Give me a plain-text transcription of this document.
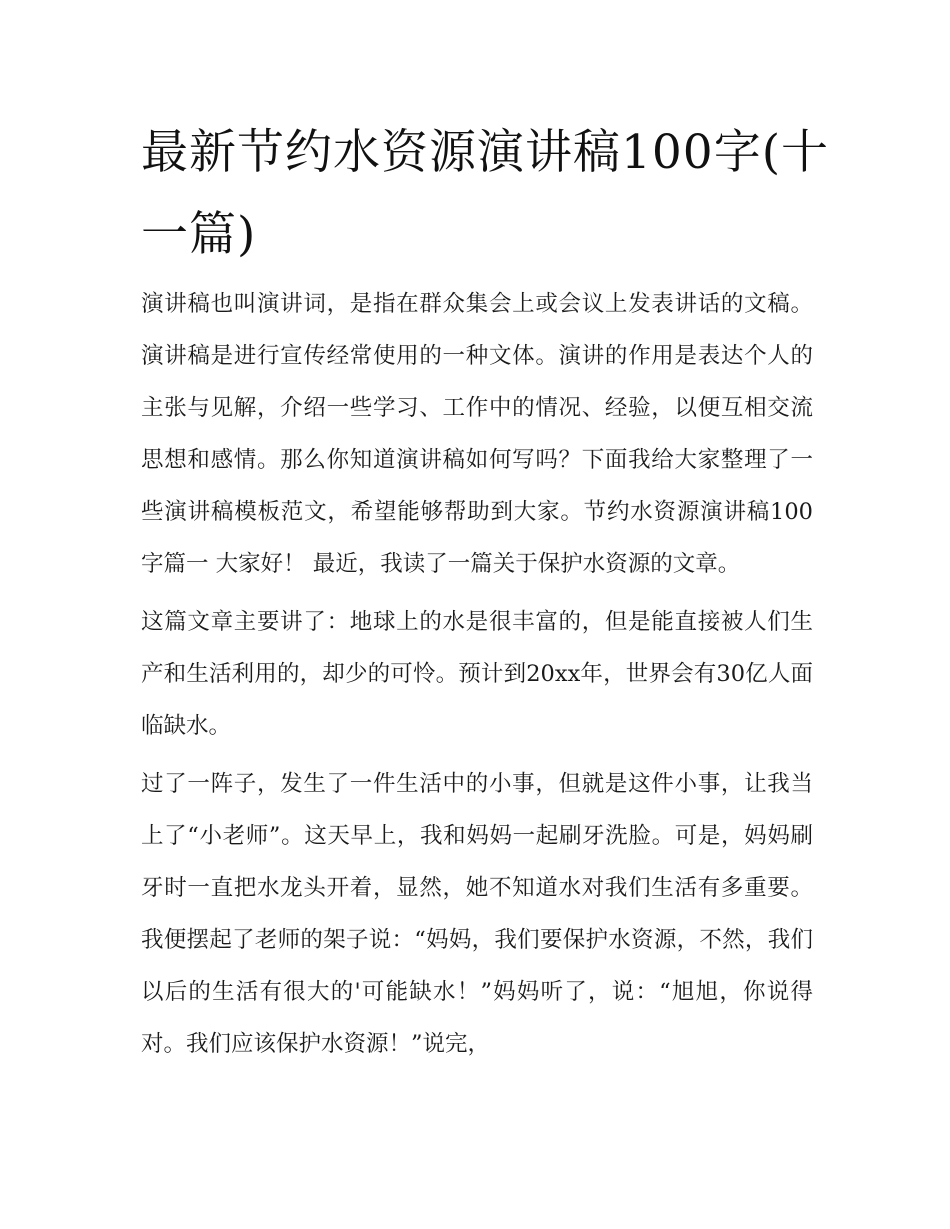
最新节约水资源演讲稿100字(十一篇)

演讲稿也叫演讲词，是指在群众集会上或会议上发表讲话的文稿。演讲稿是进行宣传经常使用的一种文体。演讲的作用是表达个人的主张与见解，介绍一些学习、工作中的情况、经验，以便互相交流思想和感情。那么你知道演讲稿如何写吗？下面我给大家整理了一些演讲稿模板范文，希望能够帮助到大家。节约水资源演讲稿100字篇一 大家好！ 最近，我读了一篇关于保护水资源的文章。

这篇文章主要讲了：地球上的水是很丰富的，但是能直接被人们生产和生活利用的，却少的可怜。预计到20xx年，世界会有30亿人面临缺水。

过了一阵子，发生了一件生活中的小事，但就是这件小事，让我当上了“小老师”。这天早上，我和妈妈一起刷牙洗脸。可是，妈妈刷牙时一直把水龙头开着，显然，她不知道水对我们生活有多重要。我便摆起了老师的架子说：“妈妈，我们要保护水资源，不然，我们以后的生活有很大的'可能缺水！”妈妈听了，说：“旭旭，你说得对。我们应该保护水资源！”说完，
